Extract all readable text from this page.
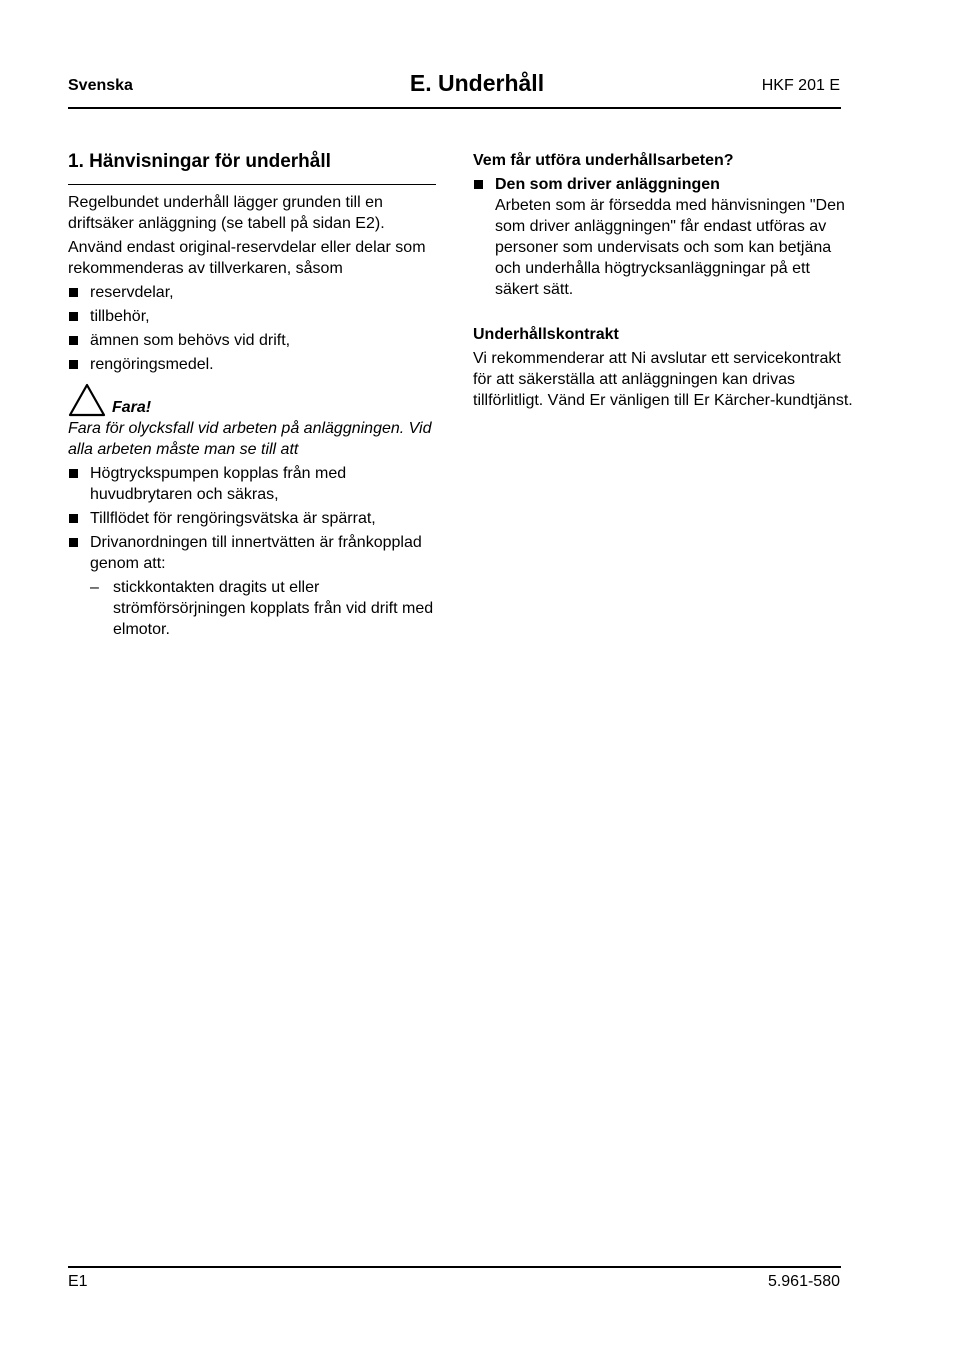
Svenska	E. Underhåll	HKF 201 E
1. Hänvisningar för underhåll

Regelbundet underhåll lägger grunden till en driftsäker anläggning (se tabell på sidan E2).

Använd endast original-reservdelar eller delar som rekommenderas av tillverkaren, såsom

reservdelar,
tillbehör,
ämnen som behövs vid drift,
rengöringsmedel.
Fara!

Fara för olycksfall vid arbeten på anläggningen. Vid alla arbeten måste man se till att

Högtryckspumpen kopplas från med huvudbrytaren och säkras,
Tillflödet för rengöringsvätska är spärrat,
Drivanordningen till innertvätten är frånkopplad genom att:
– stickkontakten dragits ut eller strömförsörjningen kopplats från vid drift med elmotor.

Vem får utföra underhållsarbeten?

Den som driver anläggningen
Arbeten som är försedda med hänvisningen "Den som driver anläggningen" får endast utföras av personer som undervisats och som kan betjäna och underhålla högtrycksanläggningar på ett säkert sätt.

Underhållskontrakt

Vi rekommenderar att Ni avslutar ett servicekontrakt för att säkerställa att anläggningen kan drivas tillförlitligt. Vänd Er vänligen till Er Kärcher-kundtjänst.

E1	5.961-580
